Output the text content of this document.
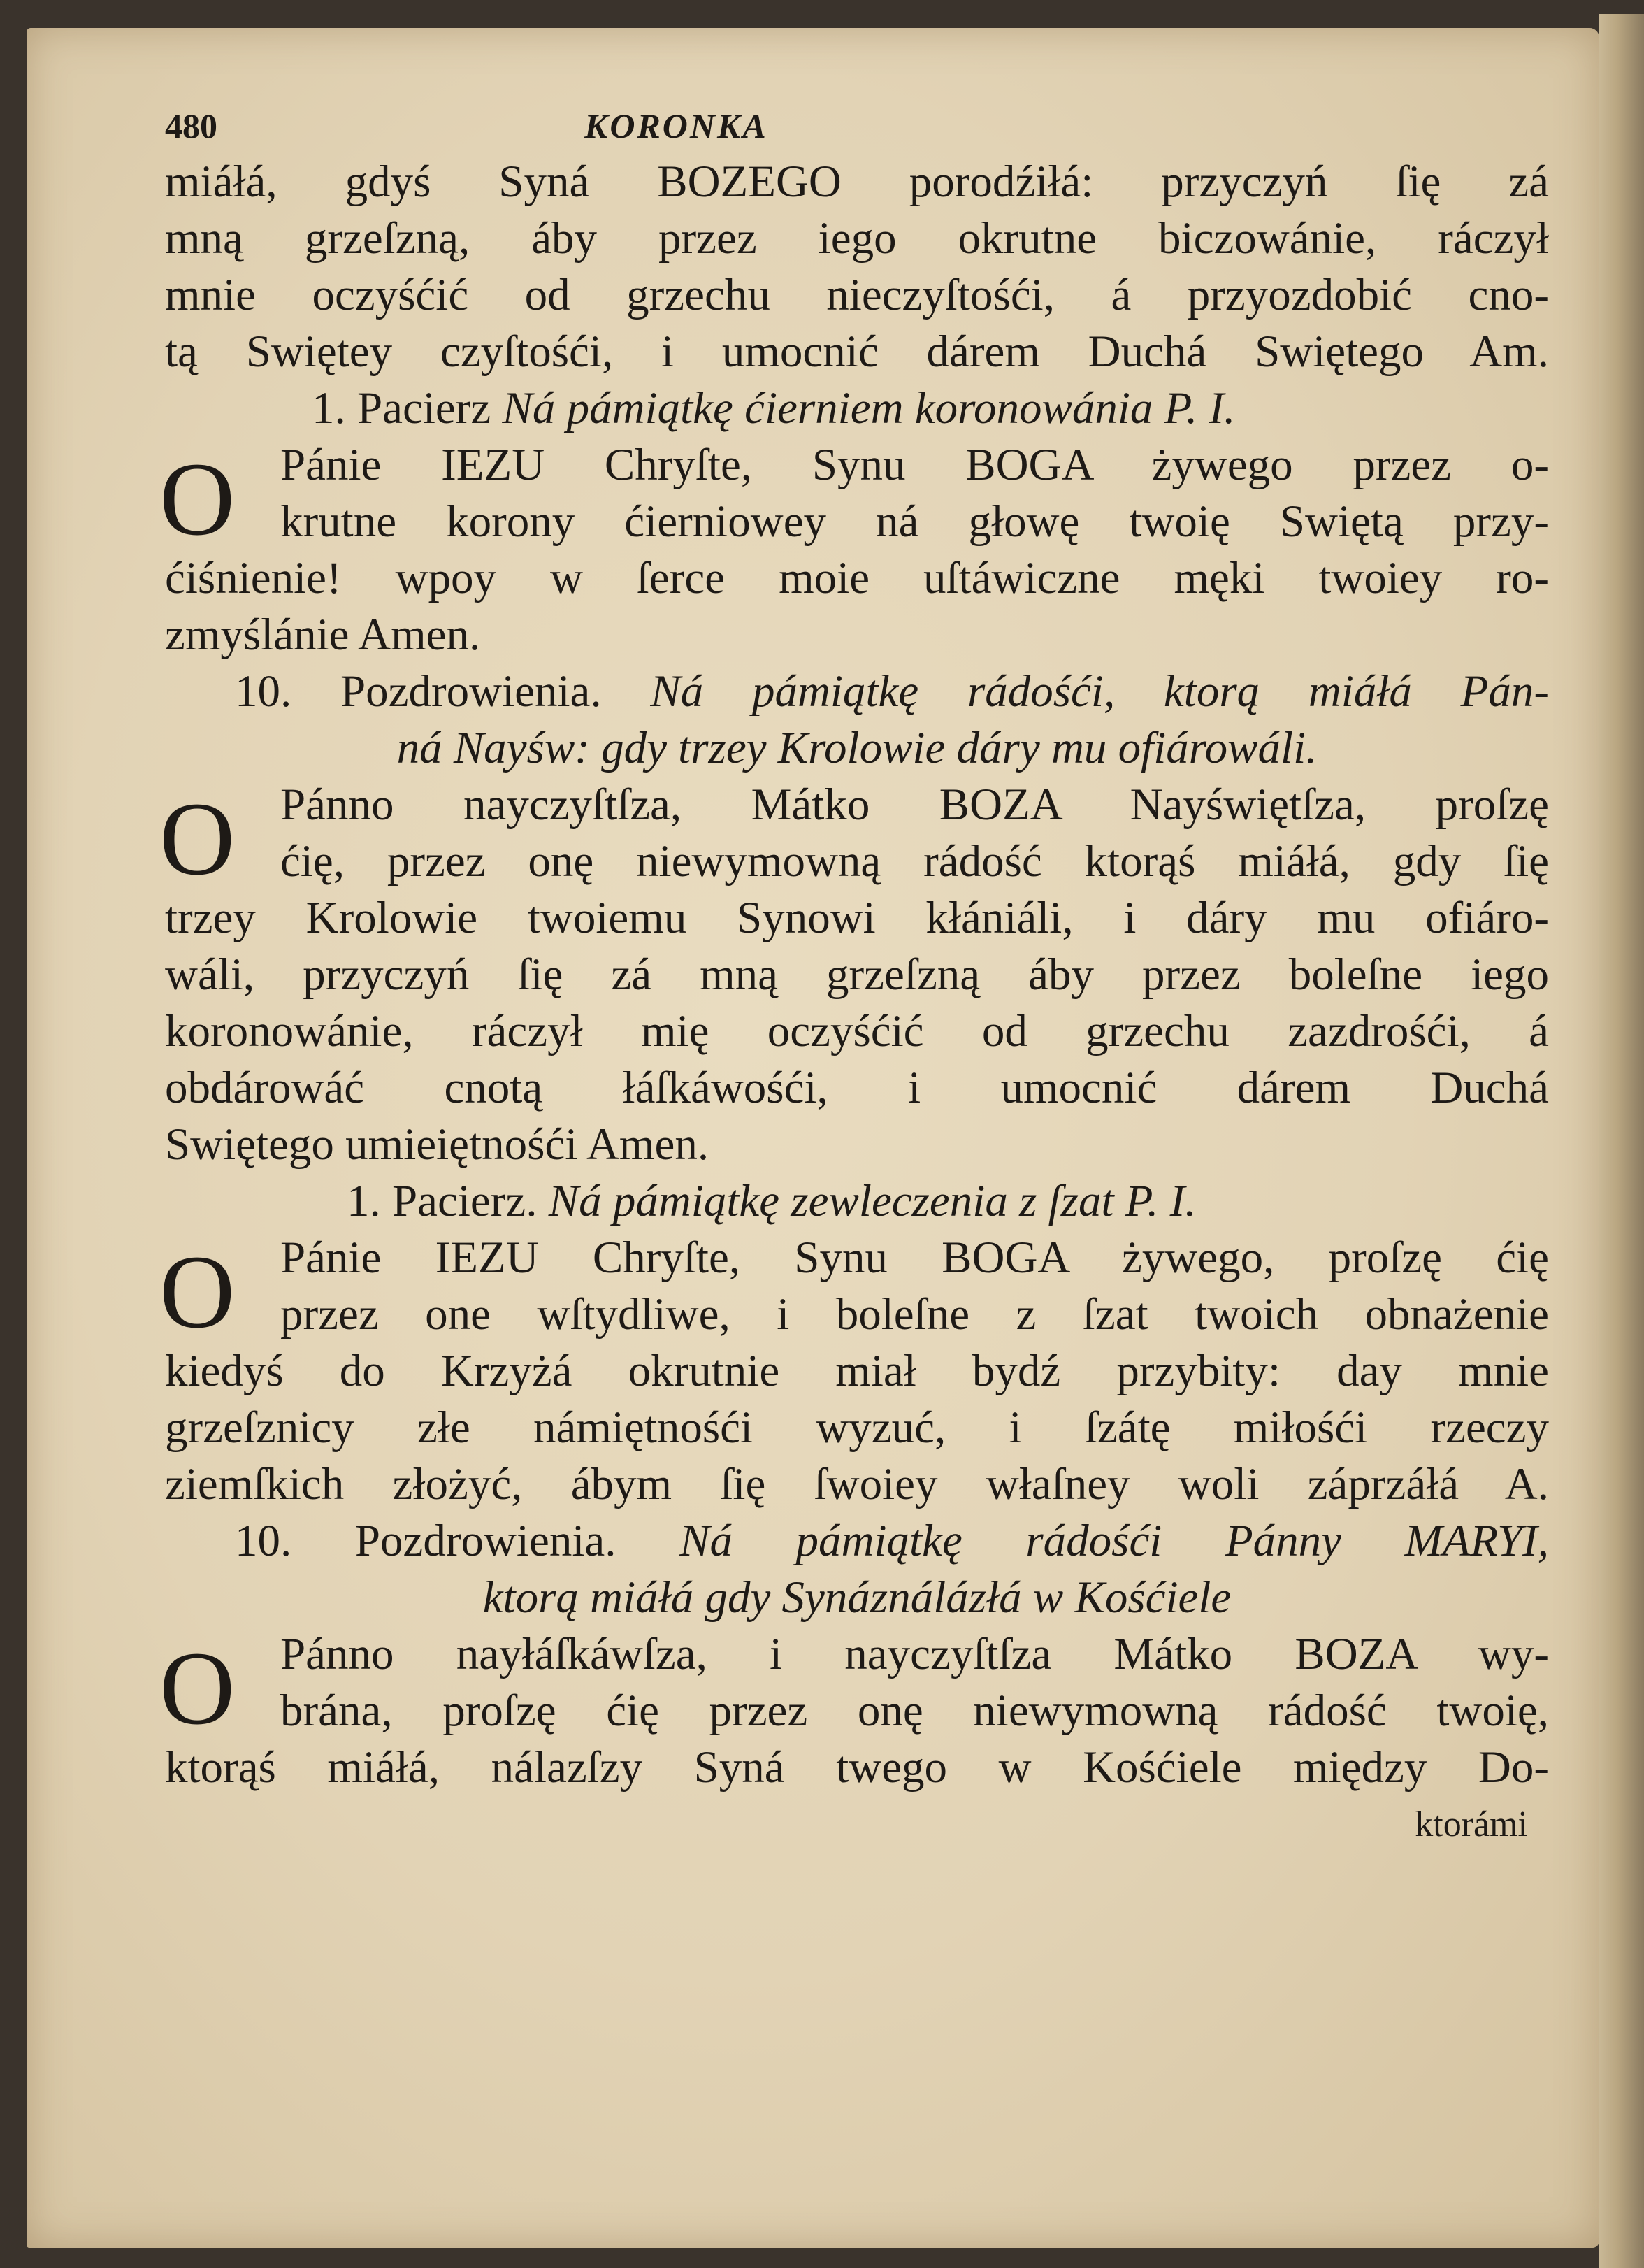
480	KORONKA
miáłá, gdyś Syná BOZEGO porodźiłá: przyczyń ſię zá
mną grzeſzną, áby przez iego okrutne biczowánie, ráczył
mnie oczyśćić od grzechu nieczyſtośći, á przyozdobić cno-
tą Swiętey czyſtośći, i umocnić dárem Duchá Swiętego Am.
1. Pacierz Ná pámiątkę ćierniem koronowánia P. I.
O Pánie IEZU Chryſte, Synu BOGA żywego przez o-
krutne korony ćierniowey ná głowę twoię Swiętą przy-
ćiśnienie! wpoy w ſerce moie uſtáwiczne męki twoiey ro-
zmyślánie Amen.
10. Pozdrowienia. Ná pámiątkę rádośći, ktorą miáłá Pán-
ná Nayśw: gdy trzey Krolowie dáry mu ofiárowáli.
O Pánno nayczyſtſza, Mátko BOZA Nayświętſza, proſzę
ćię, przez onę niewymowną rádość ktorąś miáłá, gdy ſię
trzey Krolowie twoiemu Synowi kłániáli, i dáry mu ofiáro-
wáli, przyczyń ſię zá mną grzeſzną áby przez boleſne iego
koronowánie, ráczył mię oczyśćić od grzechu zazdrośći, á
obdárowáć cnotą łáſkáwośći, i umocnić dárem Duchá
Swiętego umieiętnośći Amen.
1. Pacierz. Ná pámiątkę zewleczenia z ſzat P. I.
O Pánie IEZU Chryſte, Synu BOGA żywego, proſzę ćię
przez one wſtydliwe, i boleſne z ſzat twoich obnażenie
kiedyś do Krzyżá okrutnie miał bydź przybity: day mnie
grzeſznicy złe námiętnośći wyzuć, i ſzátę miłośći rzeczy
ziemſkich złożyć, ábym ſię ſwoiey właſney woli záprzáłá A.
10. Pozdrowienia. Ná pámiątkę rádośći Pánny MARYI,
ktorą miáłá gdy Synáználázłá w Kośćiele
O Pánno nayłáſkáwſza, i nayczyſtſza Mátko BOZA wy-
brána, proſzę ćię przez onę niewymowną rádość twoię,
ktorąś miáłá, nálazſzy Syná twego w Kośćiele między Do-
ktorámi
